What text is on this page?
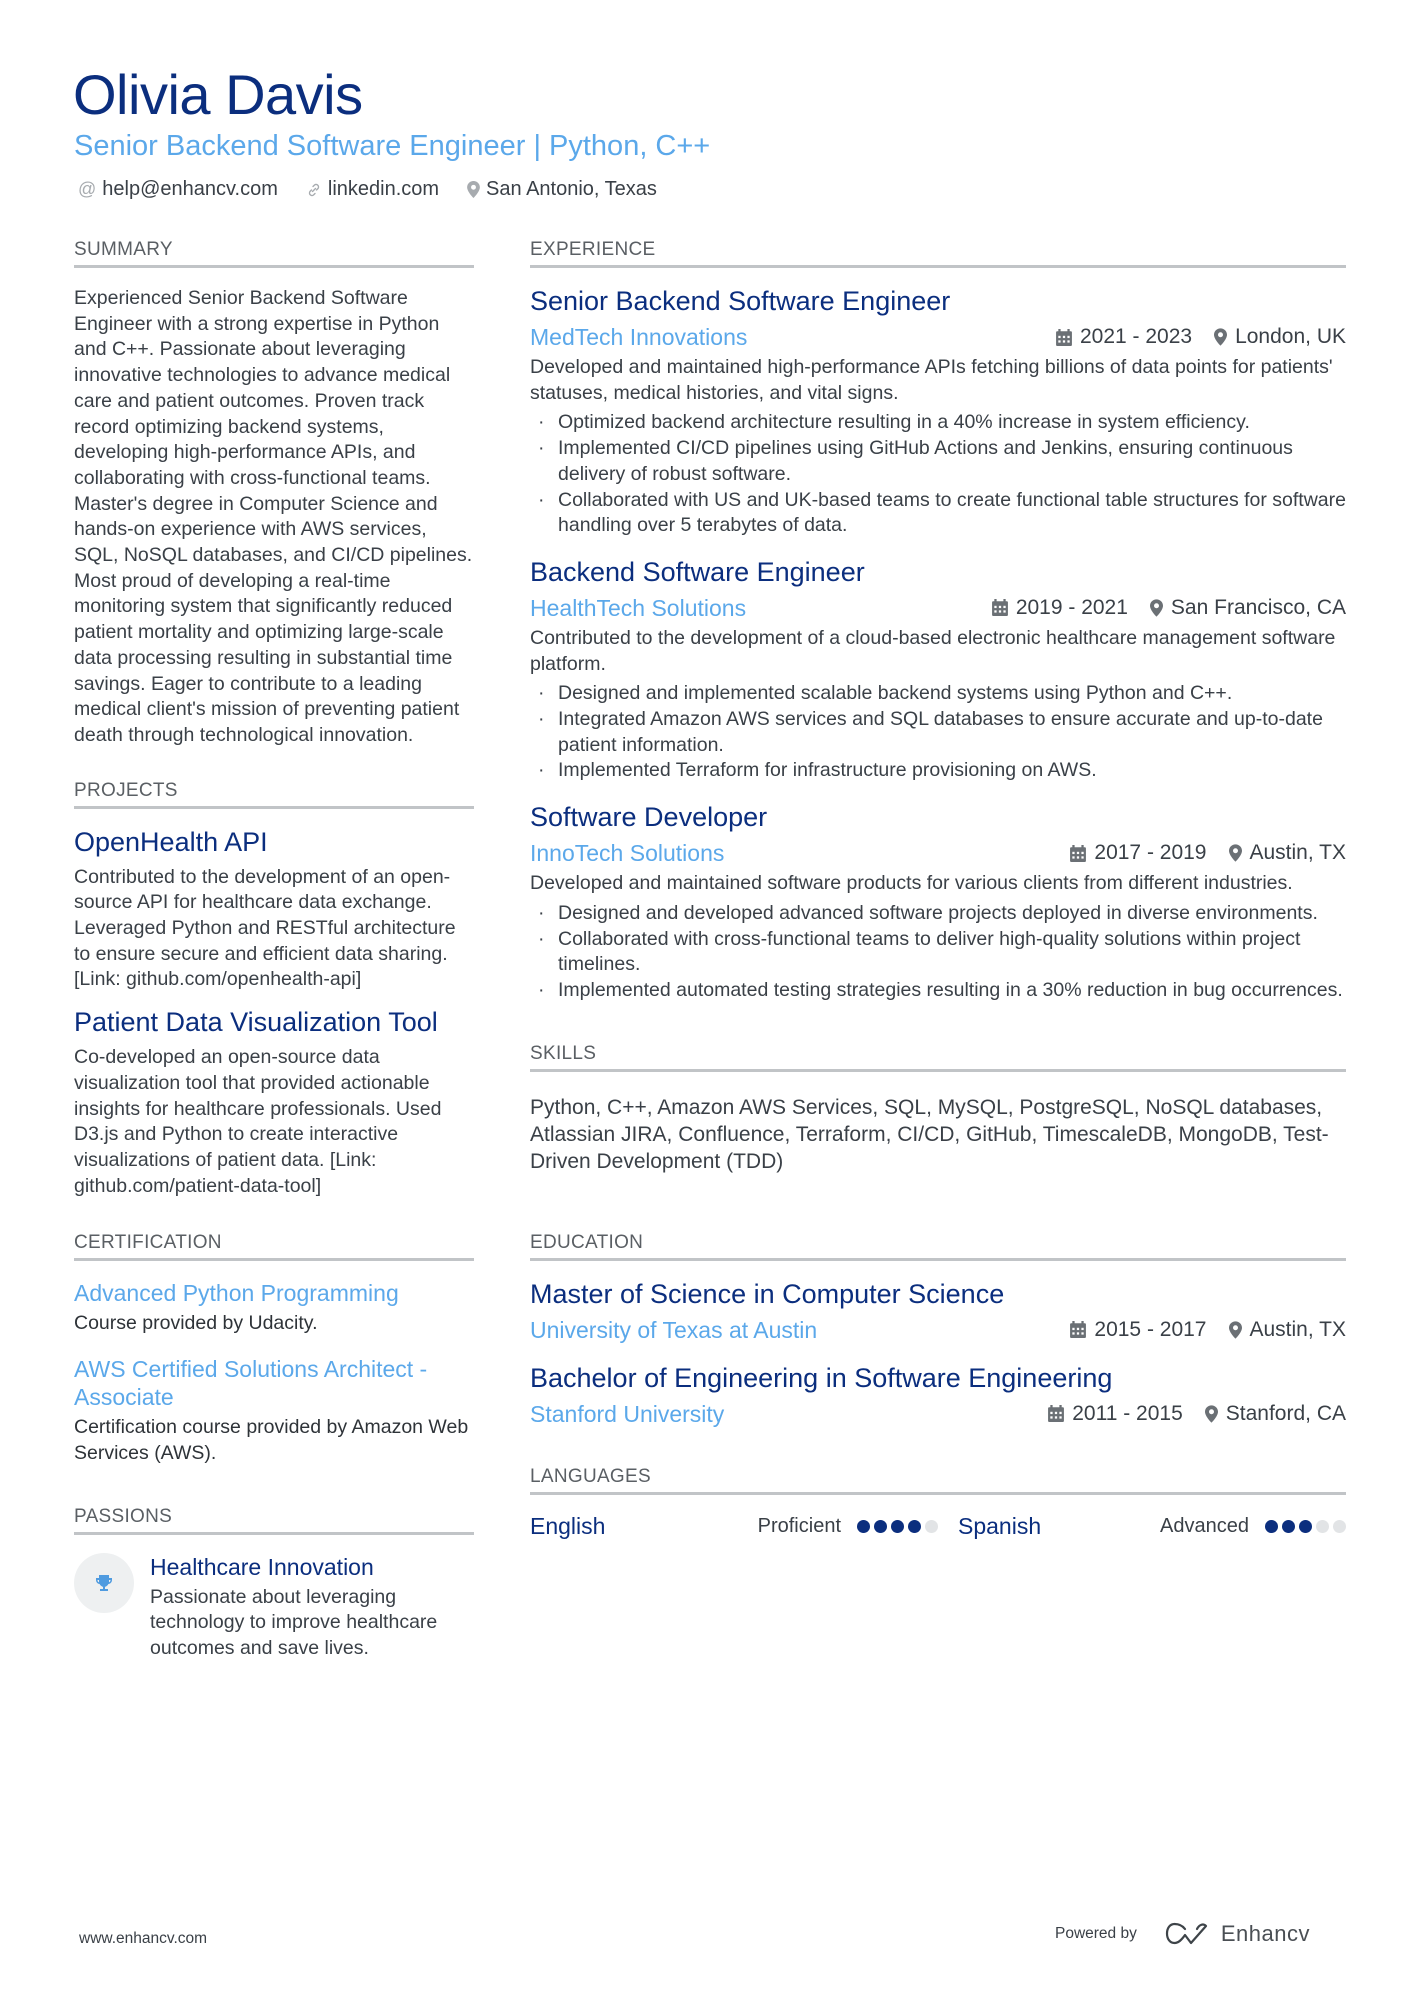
Olivia Davis
Senior Backend Software Engineer | Python, C++
@ help@enhancv.com	linkedin.com San Antonio, Texas
SUMMARY
Experienced Senior Backend Software Engineer with a strong expertise in Python and C++. Passionate about leveraging innovative technologies to advance medical care and patient outcomes. Proven track record optimizing backend systems, developing high-performance APIs, and collaborating with cross-functional teams. Master's degree in Computer Science and hands-on experience with AWS services, SQL, NoSQL databases, and CI/CD pipelines. Most proud of developing a real-time monitoring system that significantly reduced patient mortality and optimizing large-scale data processing resulting in substantial time savings. Eager to contribute to a leading medical client's mission of preventing patient death through technological innovation.
PROJECTS
OpenHealth API
Contributed to the development of an open-source API for healthcare data exchange. Leveraged Python and RESTful architecture to ensure secure and efficient data sharing. [Link: github.com/openhealth-api]
Patient Data Visualization Tool
Co-developed an open-source data visualization tool that provided actionable insights for healthcare professionals. Used D3.js and Python to create interactive visualizations of patient data. [Link: github.com/patient-data-tool]
CERTIFICATION
Advanced Python Programming
Course provided by Udacity.
AWS Certified Solutions Architect - Associate
Certification course provided by Amazon Web Services (AWS).
PASSIONS
Healthcare Innovation
Passionate about leveraging technology to improve healthcare outcomes and save lives.
EXPERIENCE
Senior Backend Software Engineer
MedTech Innovations	2021 - 2023 London, UK
Developed and maintained high-performance APIs fetching billions of data points for patients' statuses, medical histories, and vital signs.
· Optimized backend architecture resulting in a 40% increase in system efficiency.
· Implemented CI/CD pipelines using GitHub Actions and Jenkins, ensuring continuous delivery of robust software.
· Collaborated with US and UK-based teams to create functional table structures for software handling over 5 terabytes of data.
Backend Software Engineer
HealthTech Solutions	2019 - 2021 San Francisco, CA
Contributed to the development of a cloud-based electronic healthcare management software platform.
· Designed and implemented scalable backend systems using Python and C++.
· Integrated Amazon AWS services and SQL databases to ensure accurate and up-to-date patient information.
· Implemented Terraform for infrastructure provisioning on AWS.
Software Developer
InnoTech Solutions	2017 - 2019 Austin, TX
Developed and maintained software products for various clients from different industries.
· Designed and developed advanced software projects deployed in diverse environments.
· Collaborated with cross-functional teams to deliver high-quality solutions within project timelines.
· Implemented automated testing strategies resulting in a 30% reduction in bug occurrences.
SKILLS
Python, C++, Amazon AWS Services, SQL, MySQL, PostgreSQL, NoSQL databases, Atlassian JIRA, Confluence, Terraform, CI/CD, GitHub, TimescaleDB, MongoDB, Test-Driven Development (TDD)
EDUCATION
Master of Science in Computer Science
University of Texas at Austin	2015 - 2017 Austin, TX
Bachelor of Engineering in Software Engineering
Stanford University	2011 - 2015 Stanford, CA
LANGUAGES
English	Proficient	Spanish	Advanced
www.enhancv.com	Powered by	Enhancv
